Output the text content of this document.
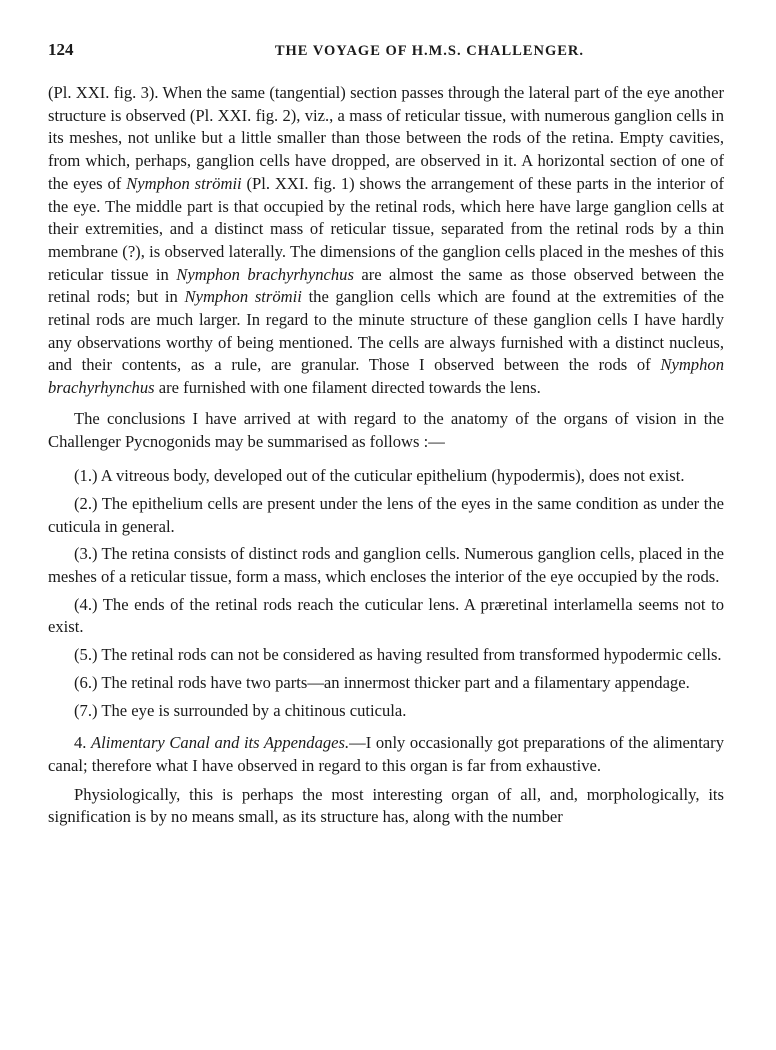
124	THE VOYAGE OF H.M.S. CHALLENGER.

(Pl. XXI. fig. 3). When the same (tangential) section passes through the lateral part of the eye another structure is observed (Pl. XXI. fig. 2), viz., a mass of reticular tissue, with numerous ganglion cells in its meshes, not unlike but a little smaller than those between the rods of the retina. Empty cavities, from which, perhaps, ganglion cells have dropped, are observed in it. A horizontal section of one of the eyes of Nymphon strömii (Pl. XXI. fig. 1) shows the arrangement of these parts in the interior of the eye. The middle part is that occupied by the retinal rods, which here have large ganglion cells at their extremities, and a distinct mass of reticular tissue, separated from the retinal rods by a thin membrane (?), is observed laterally. The dimensions of the ganglion cells placed in the meshes of this reticular tissue in Nymphon brachyrhynchus are almost the same as those observed between the retinal rods; but in Nymphon strömii the ganglion cells which are found at the extremities of the retinal rods are much larger. In regard to the minute structure of these ganglion cells I have hardly any observations worthy of being mentioned. The cells are always furnished with a distinct nucleus, and their contents, as a rule, are granular. Those I observed between the rods of Nymphon brachyrhynchus are furnished with one filament directed towards the lens.

The conclusions I have arrived at with regard to the anatomy of the organs of vision in the Challenger Pycnogonids may be summarised as follows :—

(1.) A vitreous body, developed out of the cuticular epithelium (hypodermis), does not exist.

(2.) The epithelium cells are present under the lens of the eyes in the same condition as under the cuticula in general.

(3.) The retina consists of distinct rods and ganglion cells. Numerous ganglion cells, placed in the meshes of a reticular tissue, form a mass, which encloses the interior of the eye occupied by the rods.

(4.) The ends of the retinal rods reach the cuticular lens. A præretinal interlamella seems not to exist.

(5.) The retinal rods can not be considered as having resulted from transformed hypodermic cells.

(6.) The retinal rods have two parts—an innermost thicker part and a filamentary appendage.

(7.) The eye is surrounded by a chitinous cuticula.

4. Alimentary Canal and its Appendages.—I only occasionally got preparations of the alimentary canal; therefore what I have observed in regard to this organ is far from exhaustive.

Physiologically, this is perhaps the most interesting organ of all, and, morphologically, its signification is by no means small, as its structure has, along with the number
